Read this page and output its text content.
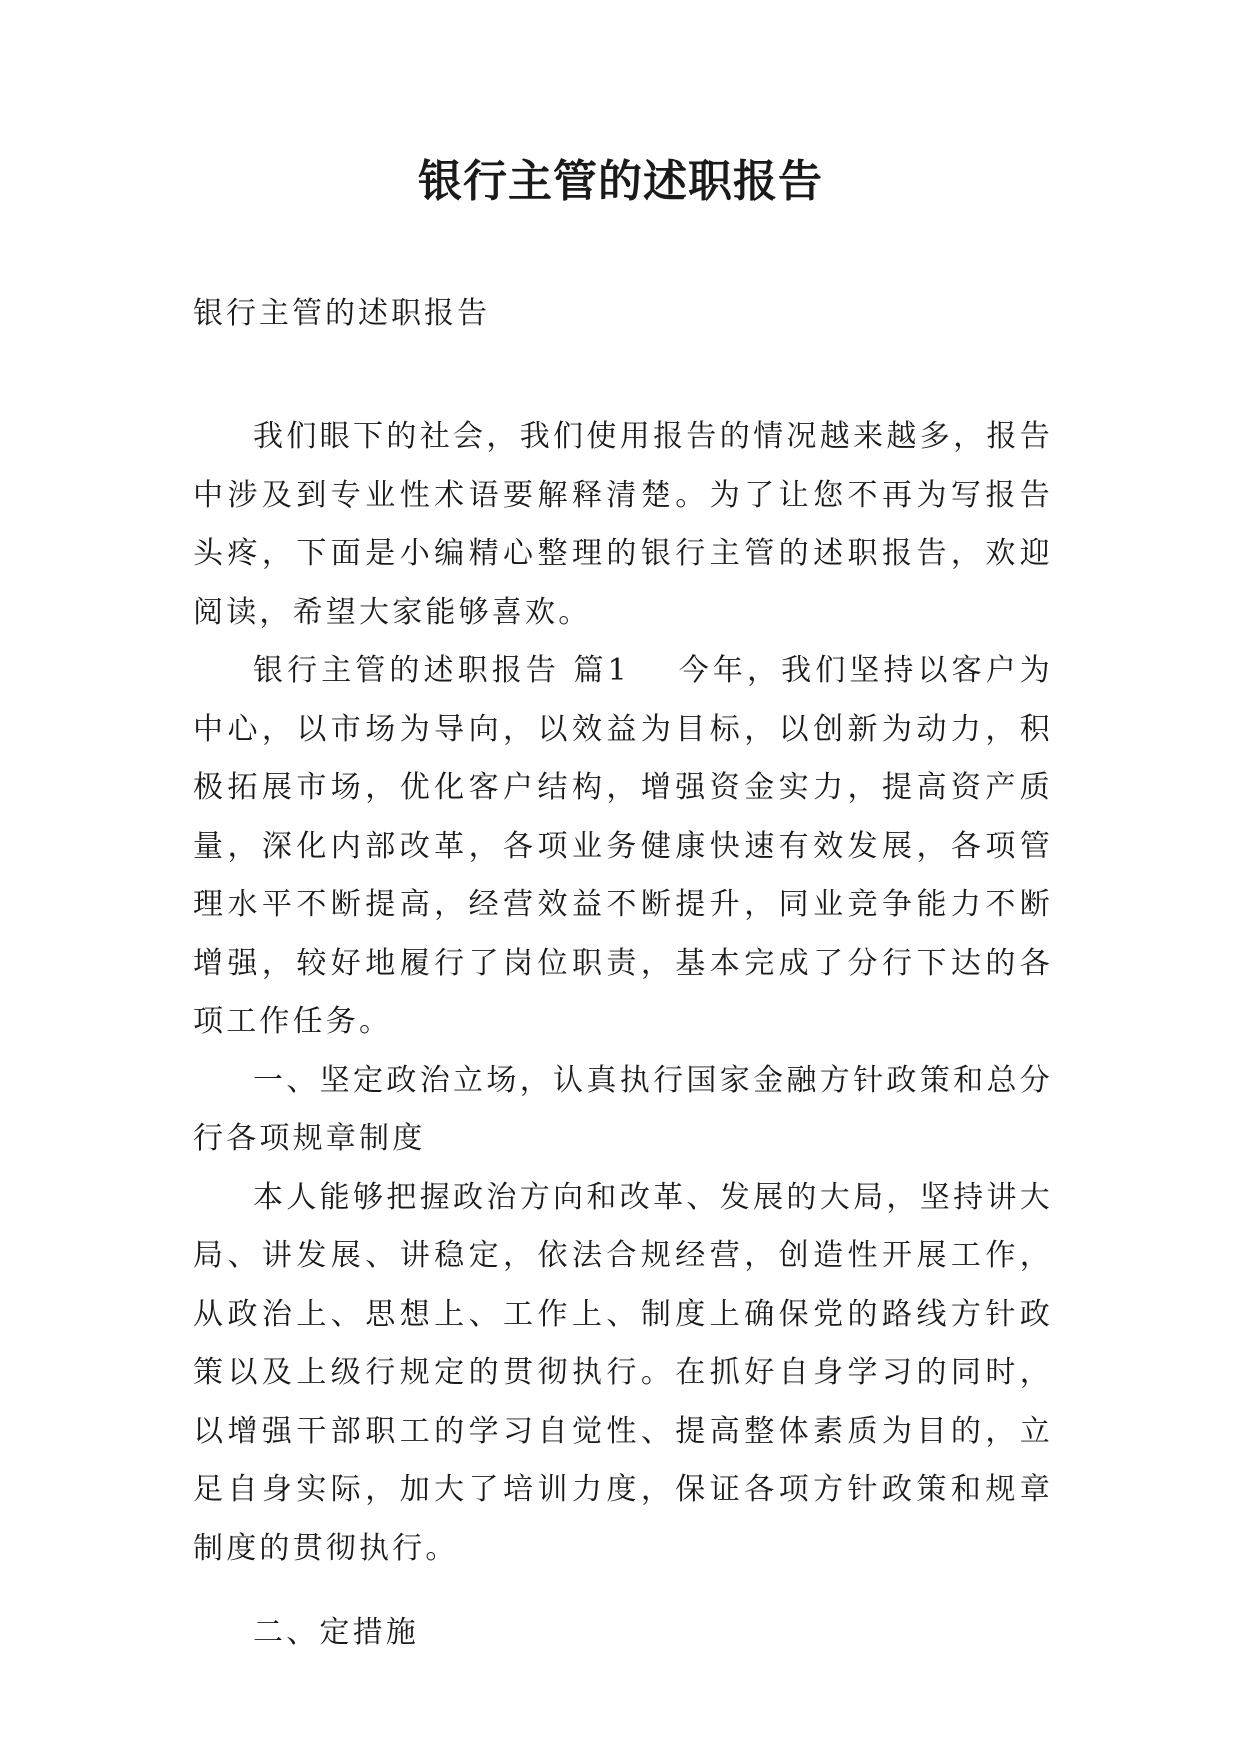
银行主管的述职报告

银行主管的述职报告

我们眼下的社会，我们使用报告的情况越来越多，报告中涉及到专业性术语要解释清楚。为了让您不再为写报告头疼，下面是小编精心整理的银行主管的述职报告，欢迎阅读，希望大家能够喜欢。

银行主管的述职报告 篇1 今年，我们坚持以客户为中心，以市场为导向，以效益为目标，以创新为动力，积极拓展市场，优化客户结构，增强资金实力，提高资产质量，深化内部改革，各项业务健康快速有效发展，各项管理水平不断提高，经营效益不断提升，同业竞争能力不断增强，较好地履行了岗位职责，基本完成了分行下达的各项工作任务。

一、坚定政治立场，认真执行国家金融方针政策和总分行各项规章制度

本人能够把握政治方向和改革、发展的大局，坚持讲大局、讲发展、讲稳定，依法合规经营，创造性开展工作，从政治上、思想上、工作上、制度上确保党的路线方针政策以及上级行规定的贯彻执行。在抓好自身学习的同时，以增强干部职工的学习自觉性、提高整体素质为目的，立足自身实际，加大了培训力度，保证各项方针政策和规章制度的贯彻执行。

二、定措施
